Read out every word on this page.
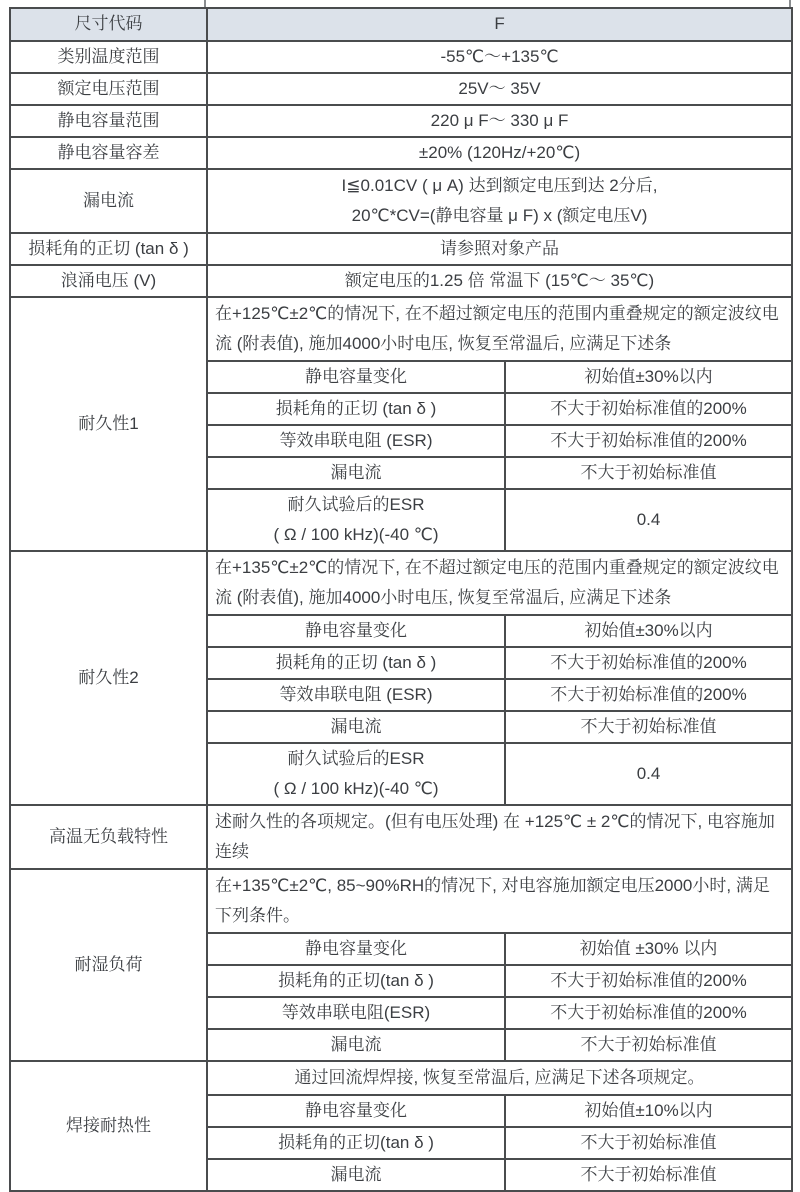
尺寸代码	F	
类别温度范围	-55℃～+135℃	
额定电压范围	25V～ 35V	
静电容量范围	220 μ F～ 330 μ F	
静电容量容差	±20% (120Hz/+20℃)	
漏电流	I≦0.01CV ( μ A) 达到额定电压到达 2分后,
20℃*CV=(静电容量 μ F) x (额定电压V)	

损耗角的正切 (tan δ )	请参照对象产品	
浪涌电压 (V)	额定电压的1.25 倍 常温下 (15℃～ 35℃)	
耐久性1	在+125℃±2℃的情况下, 在不超过额定电压的范围内重叠规定的额定波纹电流 (附表值), 施加4000小时电压, 恢复至常温后, 应满足下述条	
	静电容量变化	初始值±30%以内
	损耗角的正切 (tan δ )	不大于初始标准值的200%
	等效串联电阻 (ESR)	不大于初始标准值的200%
	漏电流	不大于初始标准值

	耐久试验后的ESR
( Ω / 100 kHz)(-40 ℃)	0.4
耐久性2	在+135℃±2℃的情况下, 在不超过额定电压的范围内重叠规定的额定波纹电流 (附表值), 施加4000小时电压, 恢复至常温后, 应满足下述条	
	静电容量变化	初始值±30%以内
	损耗角的正切 (tan δ )	不大于初始标准值的200%
	等效串联电阻 (ESR)	不大于初始标准值的200%
	漏电流	不大于初始标准值

	耐久试验后的ESR
( Ω / 100 kHz)(-40 ℃)	0.4
高温无负载特性	述耐久性的各项规定。(但有电压处理) 在 +125℃ ± 2℃的情况下, 电容施加连续	
耐湿负荷	在+135℃±2℃, 85~90%RH的情况下, 对电容施加额定电压2000小时, 满足下列条件。	
	静电容量变化	初始值 ±30% 以内
	损耗角的正切(tan δ )	不大于初始标准值的200%
	等效串联电阻(ESR)	不大于初始标准值的200%
	漏电流	不大于初始标准值
焊接耐热性	通过回流焊焊接, 恢复至常温后, 应满足下述各项规定。	
	静电容量变化	初始值±10%以内
	损耗角的正切(tan δ )	不大于初始标准值
	漏电流	不大于初始标准值
